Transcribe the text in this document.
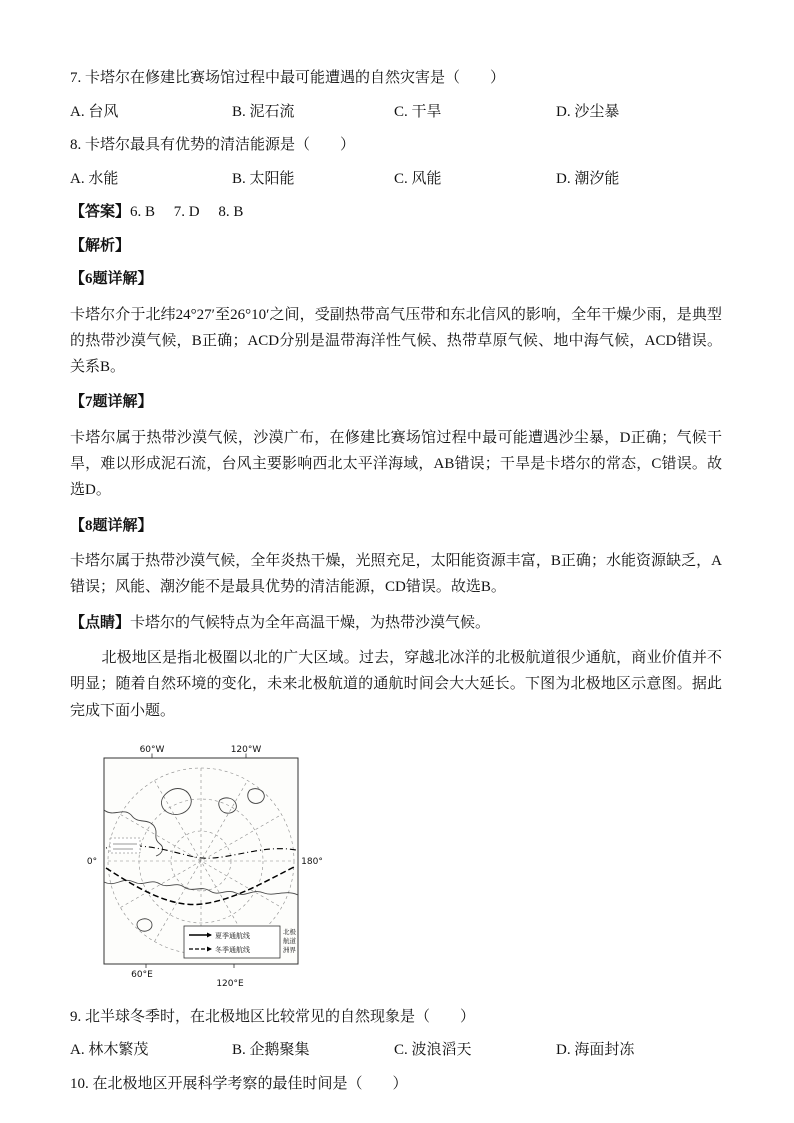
7. 卡塔尔在修建比赛场馆过程中最可能遭遇的自然灾害是（　　）
A. 台风	B. 泥石流	C. 干旱	D. 沙尘暴
8. 卡塔尔最具有优势的清洁能源是（　　）
A. 水能	B. 太阳能	C. 风能	D. 潮汐能
【答案】6. B　 7. D　 8. B
【解析】
【6题详解】
卡塔尔介于北纬24°27′至26°10′之间，受副热带高气压带和东北信风的影响，全年干燥少雨，是典型的热带沙漠气候，B正确；ACD分别是温带海洋性气候、热带草原气候、地中海气候，ACD错误。关系B。
【7题详解】
卡塔尔属于热带沙漠气候，沙漠广布，在修建比赛场馆过程中最可能遭遇沙尘暴，D正确；气候干旱，难以形成泥石流，台风主要影响西北太平洋海域，AB错误；干旱是卡塔尔的常态，C错误。故选D。
【8题详解】
卡塔尔属于热带沙漠气候，全年炎热干燥，光照充足，太阳能资源丰富，B正确；水能资源缺乏，A错误；风能、潮汐能不是最具优势的清洁能源，CD错误。故选B。
【点睛】卡塔尔的气候特点为全年高温干燥，为热带沙漠气候。
北极地区是指北极圈以北的广大区域。过去，穿越北冰洋的北极航道很少通航，商业价值并不明显；随着自然环境的变化，未来北极航道的通航时间会大大延长。下图为北极地区示意图。据此完成下面小题。
60°W	120°W
0°	180°
60°E
120°E
夏季通航线
冬季通航线
北极
航道
洲界
9. 北半球冬季时，在北极地区比较常见的自然现象是（　　）
A. 林木繁茂	B. 企鹅聚集	C. 波浪滔天	D. 海面封冻
10. 在北极地区开展科学考察的最佳时间是（　　）
